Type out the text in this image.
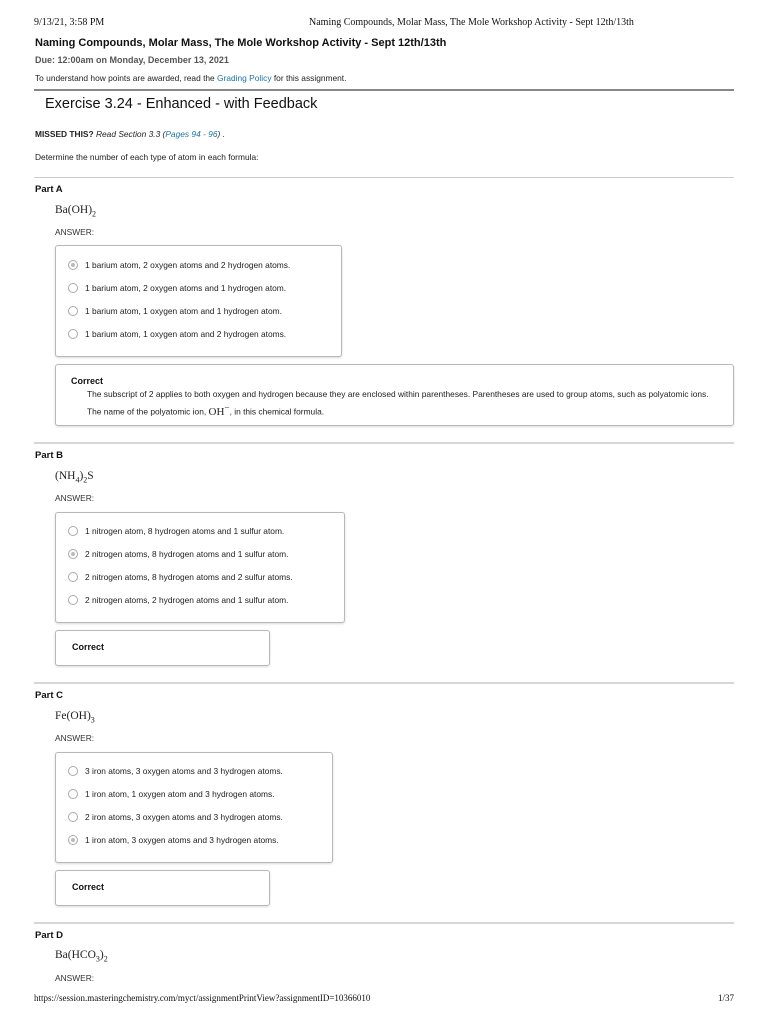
9/13/21, 3:58 PM	Naming Compounds, Molar Mass, The Mole Workshop Activity - Sept 12th/13th
Naming Compounds, Molar Mass, The Mole Workshop Activity - Sept 12th/13th
Due: 12:00am on Monday, December 13, 2021
To understand how points are awarded, read the Grading Policy for this assignment.
Exercise 3.24 - Enhanced - with Feedback
MISSED THIS? Read Section 3.3 (Pages 94 - 96) .
Determine the number of each type of atom in each formula:
Part A
$Ba(OH)_2$
ANSWER:
1 barium atom, 2 oxygen atoms and 2 hydrogen atoms.
1 barium atom, 2 oxygen atoms and 1 hydrogen atom.
1 barium atom, 1 oxygen atom and 1 hydrogen atom.
1 barium atom, 1 oxygen atom and 2 hydrogen atoms.
Correct
The subscript of 2 applies to both oxygen and hydrogen because they are enclosed within parentheses. Parentheses are used to group atoms, such as polyatomic ions. The name of the polyatomic ion, OH−, in this chemical formula.
Part B
$(NH_4)_2S$
ANSWER:
1 nitrogen atom, 8 hydrogen atoms and 1 sulfur atom.
2 nitrogen atoms, 8 hydrogen atoms and 1 sulfur atom.
2 nitrogen atoms, 8 hydrogen atoms and 2 sulfur atoms.
2 nitrogen atoms, 2 hydrogen atoms and 1 sulfur atom.
Correct
Part C
$Fe(OH)_3$
ANSWER:
3 iron atoms, 3 oxygen atoms and 3 hydrogen atoms.
1 iron atom, 1 oxygen atom and 3 hydrogen atoms.
2 iron atoms, 3 oxygen atoms and 3 hydrogen atoms.
1 iron atom, 3 oxygen atoms and 3 hydrogen atoms.
Correct
Part D
$Ba(HCO_3)_2$
ANSWER:
https://session.masteringchemistry.com/myct/assignmentPrintView?assignmentID=10366010	1/37
